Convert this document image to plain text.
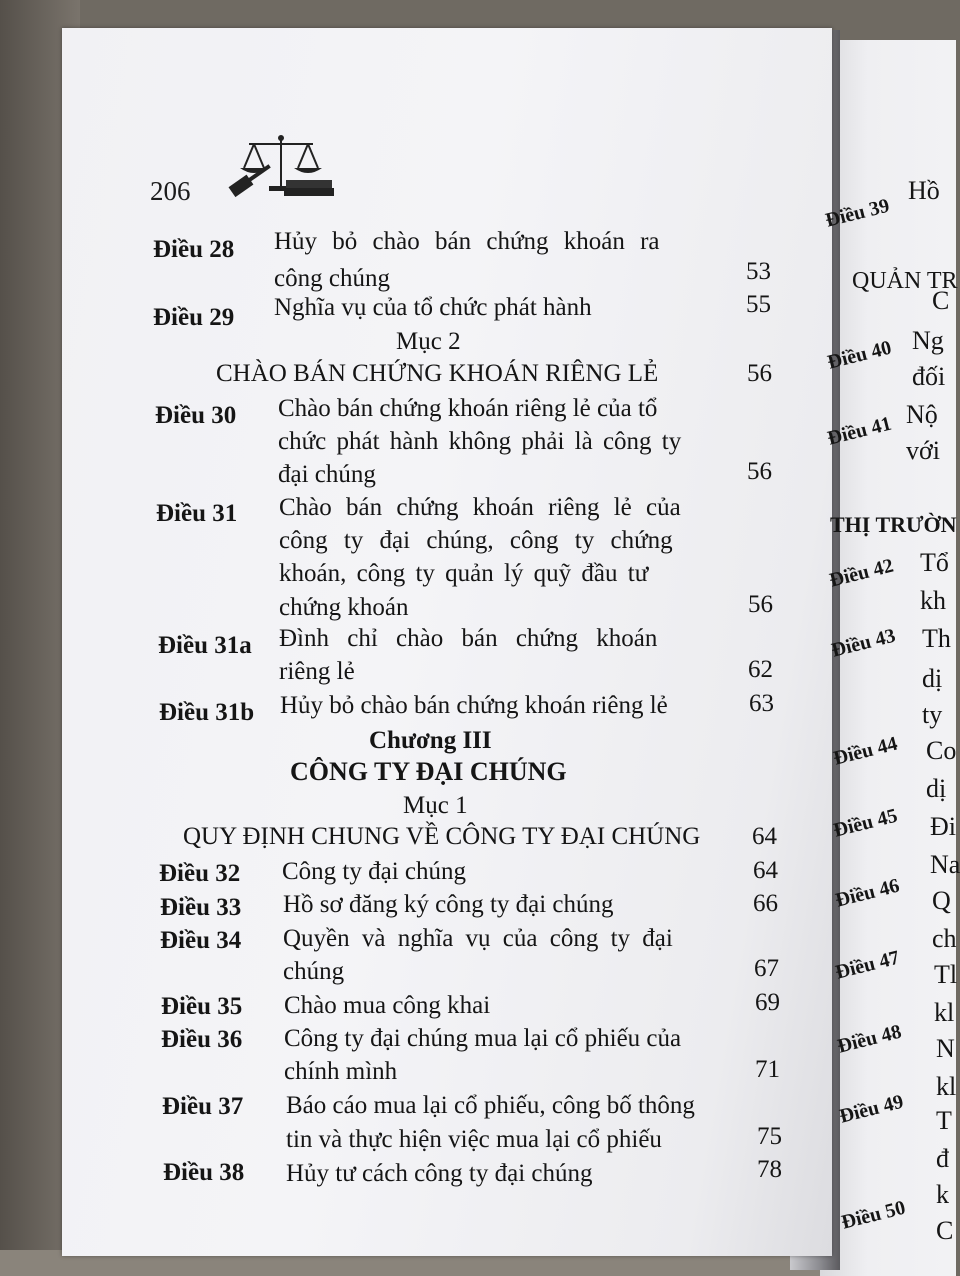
206
Điều 28 Hủy bỏ chào bán chứng khoán ra
công chúng	53
Điều 29 Nghĩa vụ của tổ chức phát hành	55
Mục 2
CHÀO BÁN CHỨNG KHOÁN RIÊNG LẺ	56
Điều 30 Chào bán chứng khoán riêng lẻ của tổ
chức phát hành không phải là công ty
đại chúng	56
Điều 31 Chào bán chứng khoán riêng lẻ của
công ty đại chúng, công ty chứng
khoán, công ty quản lý quỹ đầu tư
chứng khoán	56
Điều 31a Đình chỉ chào bán chứng khoán
riêng lẻ	62
Điều 31b Hủy bỏ chào bán chứng khoán riêng lẻ	63
Chương III
CÔNG TY ĐẠI CHÚNG
Mục 1
QUY ĐỊNH CHUNG VỀ CÔNG TY ĐẠI CHÚNG	64
Điều 32 Công ty đại chúng	64
Điều 33 Hồ sơ đăng ký công ty đại chúng	66
Điều 34 Quyền và nghĩa vụ của công ty đại
chúng	67
Điều 35 Chào mua công khai	69
Điều 36 Công ty đại chúng mua lại cổ phiếu của
chính mình	71
Điều 37 Báo cáo mua lại cổ phiếu, công bố thông
tin và thực hiện việc mua lại cổ phiếu	75
Điều 38 Hủy tư cách công ty đại chúng	78
Điều 39
Hồ
QUẢN TR
C
Điều 40 Ng
đối
Điều 41 Nộ
với
THỊ TRƯỜN
Điều 42 Tổ
kh
Điều 43 Th
dị
ty
Điều 44 Co
dị
Điều 45 Đi
Na
Điều 46 Q
ch
Điều 47 Tl
kl
Điều 48 N
kl
Điều 49 T
đ
k
Điều 50 C
